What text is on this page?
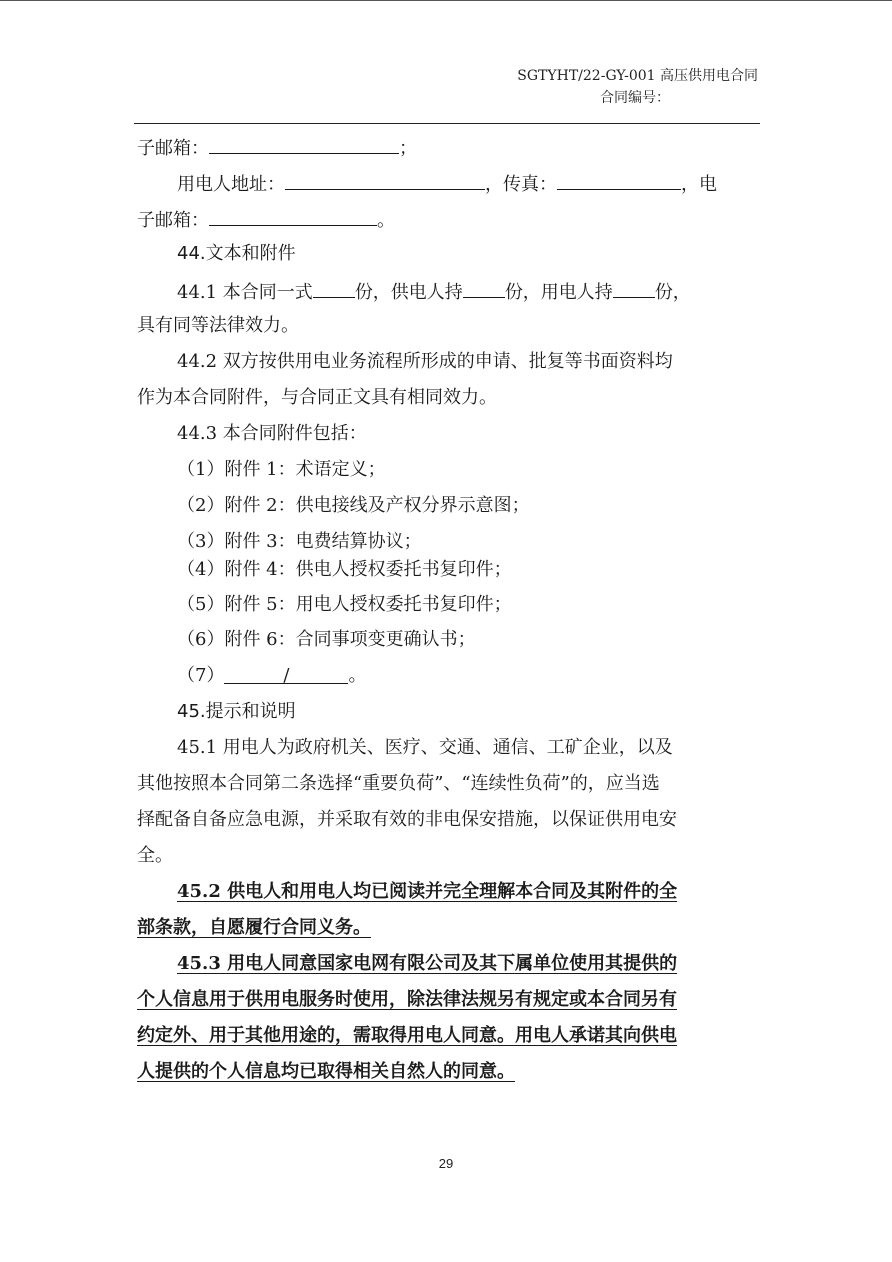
SGTYHT/22-GY-001 高压供用电合同
合同编号：
子邮箱：	；
用电人地址：	，传真：	，电
子邮箱：	。
44.文本和附件
44.1 本合同一式 份，供电人持 份，用电人持 份，
具有同等法律效力。
44.2 双方按供用电业务流程所形成的申请、批复等书面资料均
作为本合同附件，与合同正文具有相同效力。
44.3 本合同附件包括：
（1）附件 1：术语定义；
（2）附件 2：供电接线及产权分界示意图；
（3）附件 3：电费结算协议；
（4）附件 4：供电人授权委托书复印件；
（5）附件 5：用电人授权委托书复印件；
（6）附件 6：合同事项变更确认书；
（7）	/	。
45.提示和说明
45.1 用电人为政府机关、医疗、交通、通信、工矿企业，以及
其他按照本合同第二条选择“重要负荷”、“连续性负荷”的，应当选
择配备自备应急电源，并采取有效的非电保安措施，以保证供用电安
全。
45.2 供电人和用电人均已阅读并完全理解本合同及其附件的全
部条款，自愿履行合同义务。
45.3 用电人同意国家电网有限公司及其下属单位使用其提供的
个人信息用于供用电服务时使用，除法律法规另有规定或本合同另有
约定外、用于其他用途的，需取得用电人同意。用电人承诺其向供电
人提供的个人信息均已取得相关自然人的同意。
29
